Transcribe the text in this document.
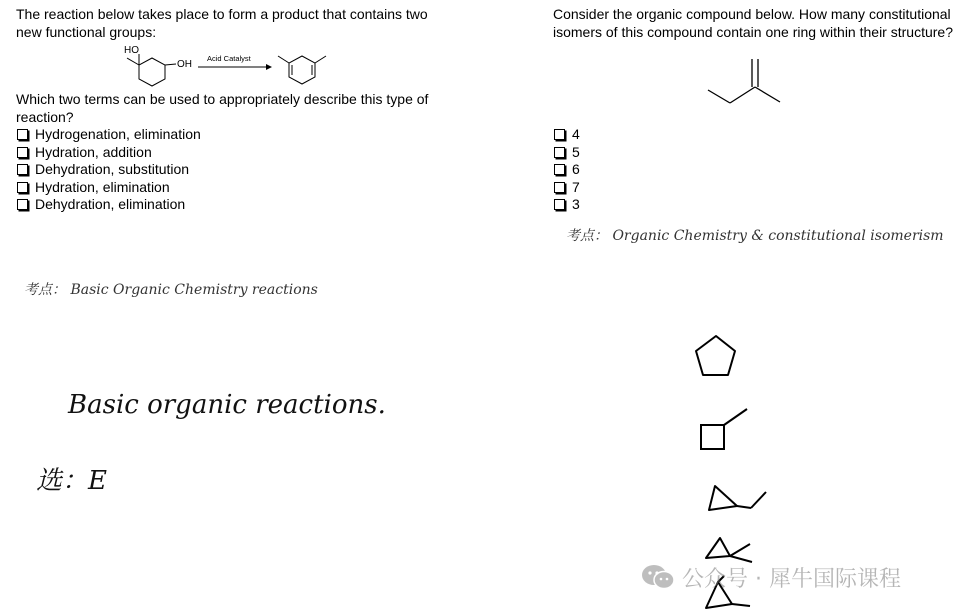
The reaction below takes place to form a product that contains two new functional groups:

HO
OH
Acid Catalyst

Which two terms can be used to appropriately describe this type of reaction?

Hydrogenation, elimination
Hydration, addition
Dehydration, substitution
Hydration, elimination
Dehydration, elimination

Consider the organic compound below. How many constitutional isomers of this compound contain one ring within their structure?

4
5
6
7
3
考点： Organic Chemistry & constitutional isomerism
考点： Basic Organic Chemistry reactions
Basic organic reactions.
选：E
公众号 · 犀牛国际课程
